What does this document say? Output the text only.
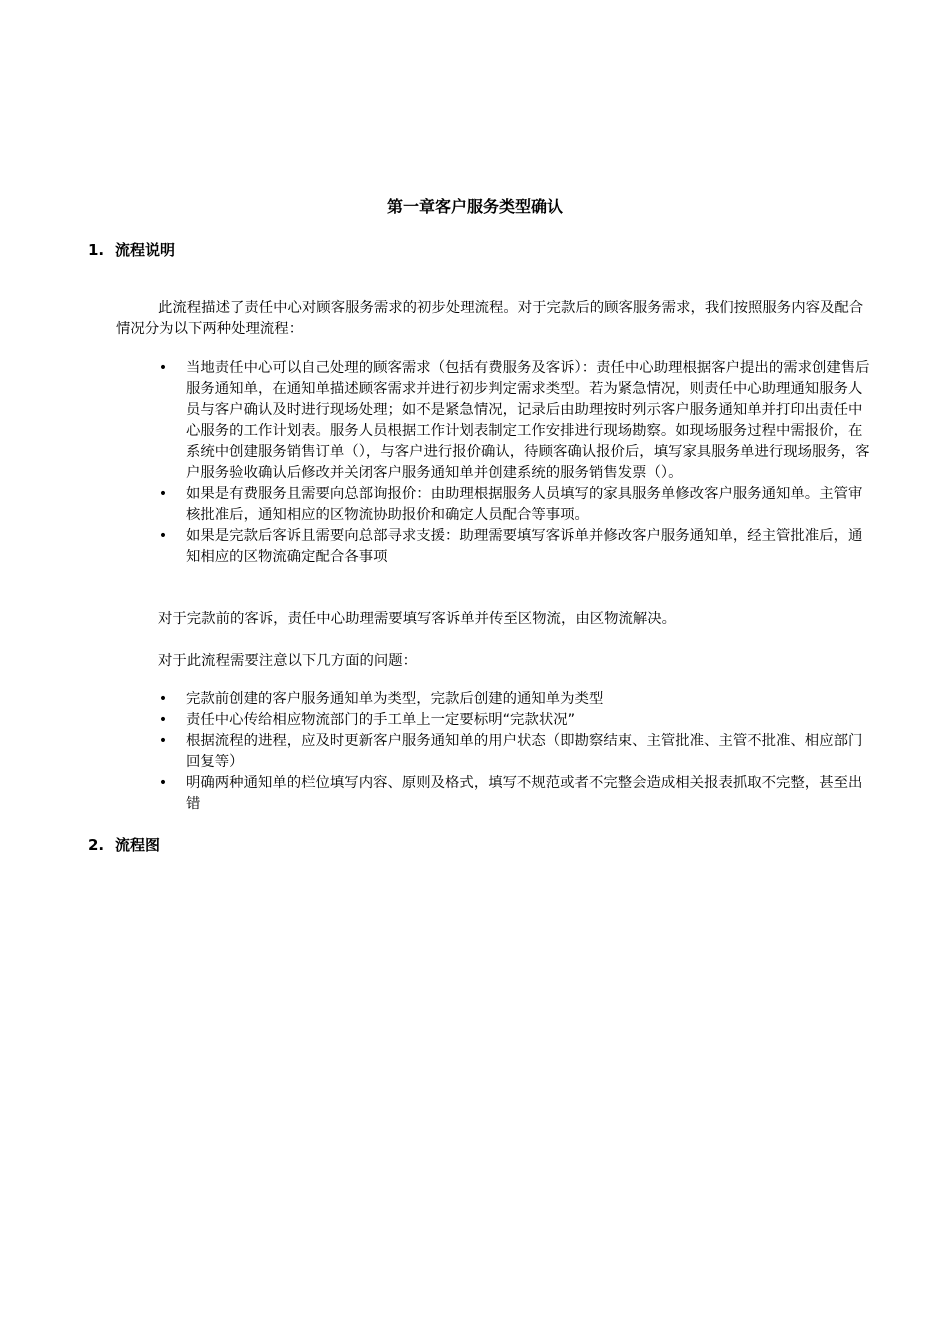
第一章客户服务类型确认
1. 流程说明
此流程描述了责任中心对顾客服务需求的初步处理流程。对于完款后的顾客服务需求，我们按照服务内容及配合情况分为以下两种处理流程：
• 当地责任中心可以自己处理的顾客需求（包括有费服务及客诉）：责任中心助理根据客户提出的需求创建售后服务通知单，在通知单描述顾客需求并进行初步判定需求类型。若为紧急情况，则责任中心助理通知服务人员与客户确认及时进行现场处理；如不是紧急情况，记录后由助理按时列示客户服务通知单并打印出责任中心服务的工作计划表。服务人员根据工作计划表制定工作安排进行现场勘察。如现场服务过程中需报价，在系统中创建服务销售订单（），与客户进行报价确认，待顾客确认报价后，填写家具服务单进行现场服务，客户服务验收确认后修改并关闭客户服务通知单并创建系统的服务销售发票（）。
• 如果是有费服务且需要向总部询报价：由助理根据服务人员填写的家具服务单修改客户服务通知单。主管审核批准后，通知相应的区物流协助报价和确定人员配合等事项。
• 如果是完款后客诉且需要向总部寻求支援：助理需要填写客诉单并修改客户服务通知单，经主管批准后，通知相应的区物流确定配合各事项
对于完款前的客诉，责任中心助理需要填写客诉单并传至区物流，由区物流解决。
对于此流程需要注意以下几方面的问题：
• 完款前创建的客户服务通知单为类型，完款后创建的通知单为类型
• 责任中心传给相应物流部门的手工单上一定要标明“完款状况”
• 根据流程的进程，应及时更新客户服务通知单的用户状态（即勘察结束、主管批准、主管不批准、相应部门回复等）
• 明确两种通知单的栏位填写内容、原则及格式，填写不规范或者不完整会造成相关报表抓取不完整，甚至出错
2. 流程图
